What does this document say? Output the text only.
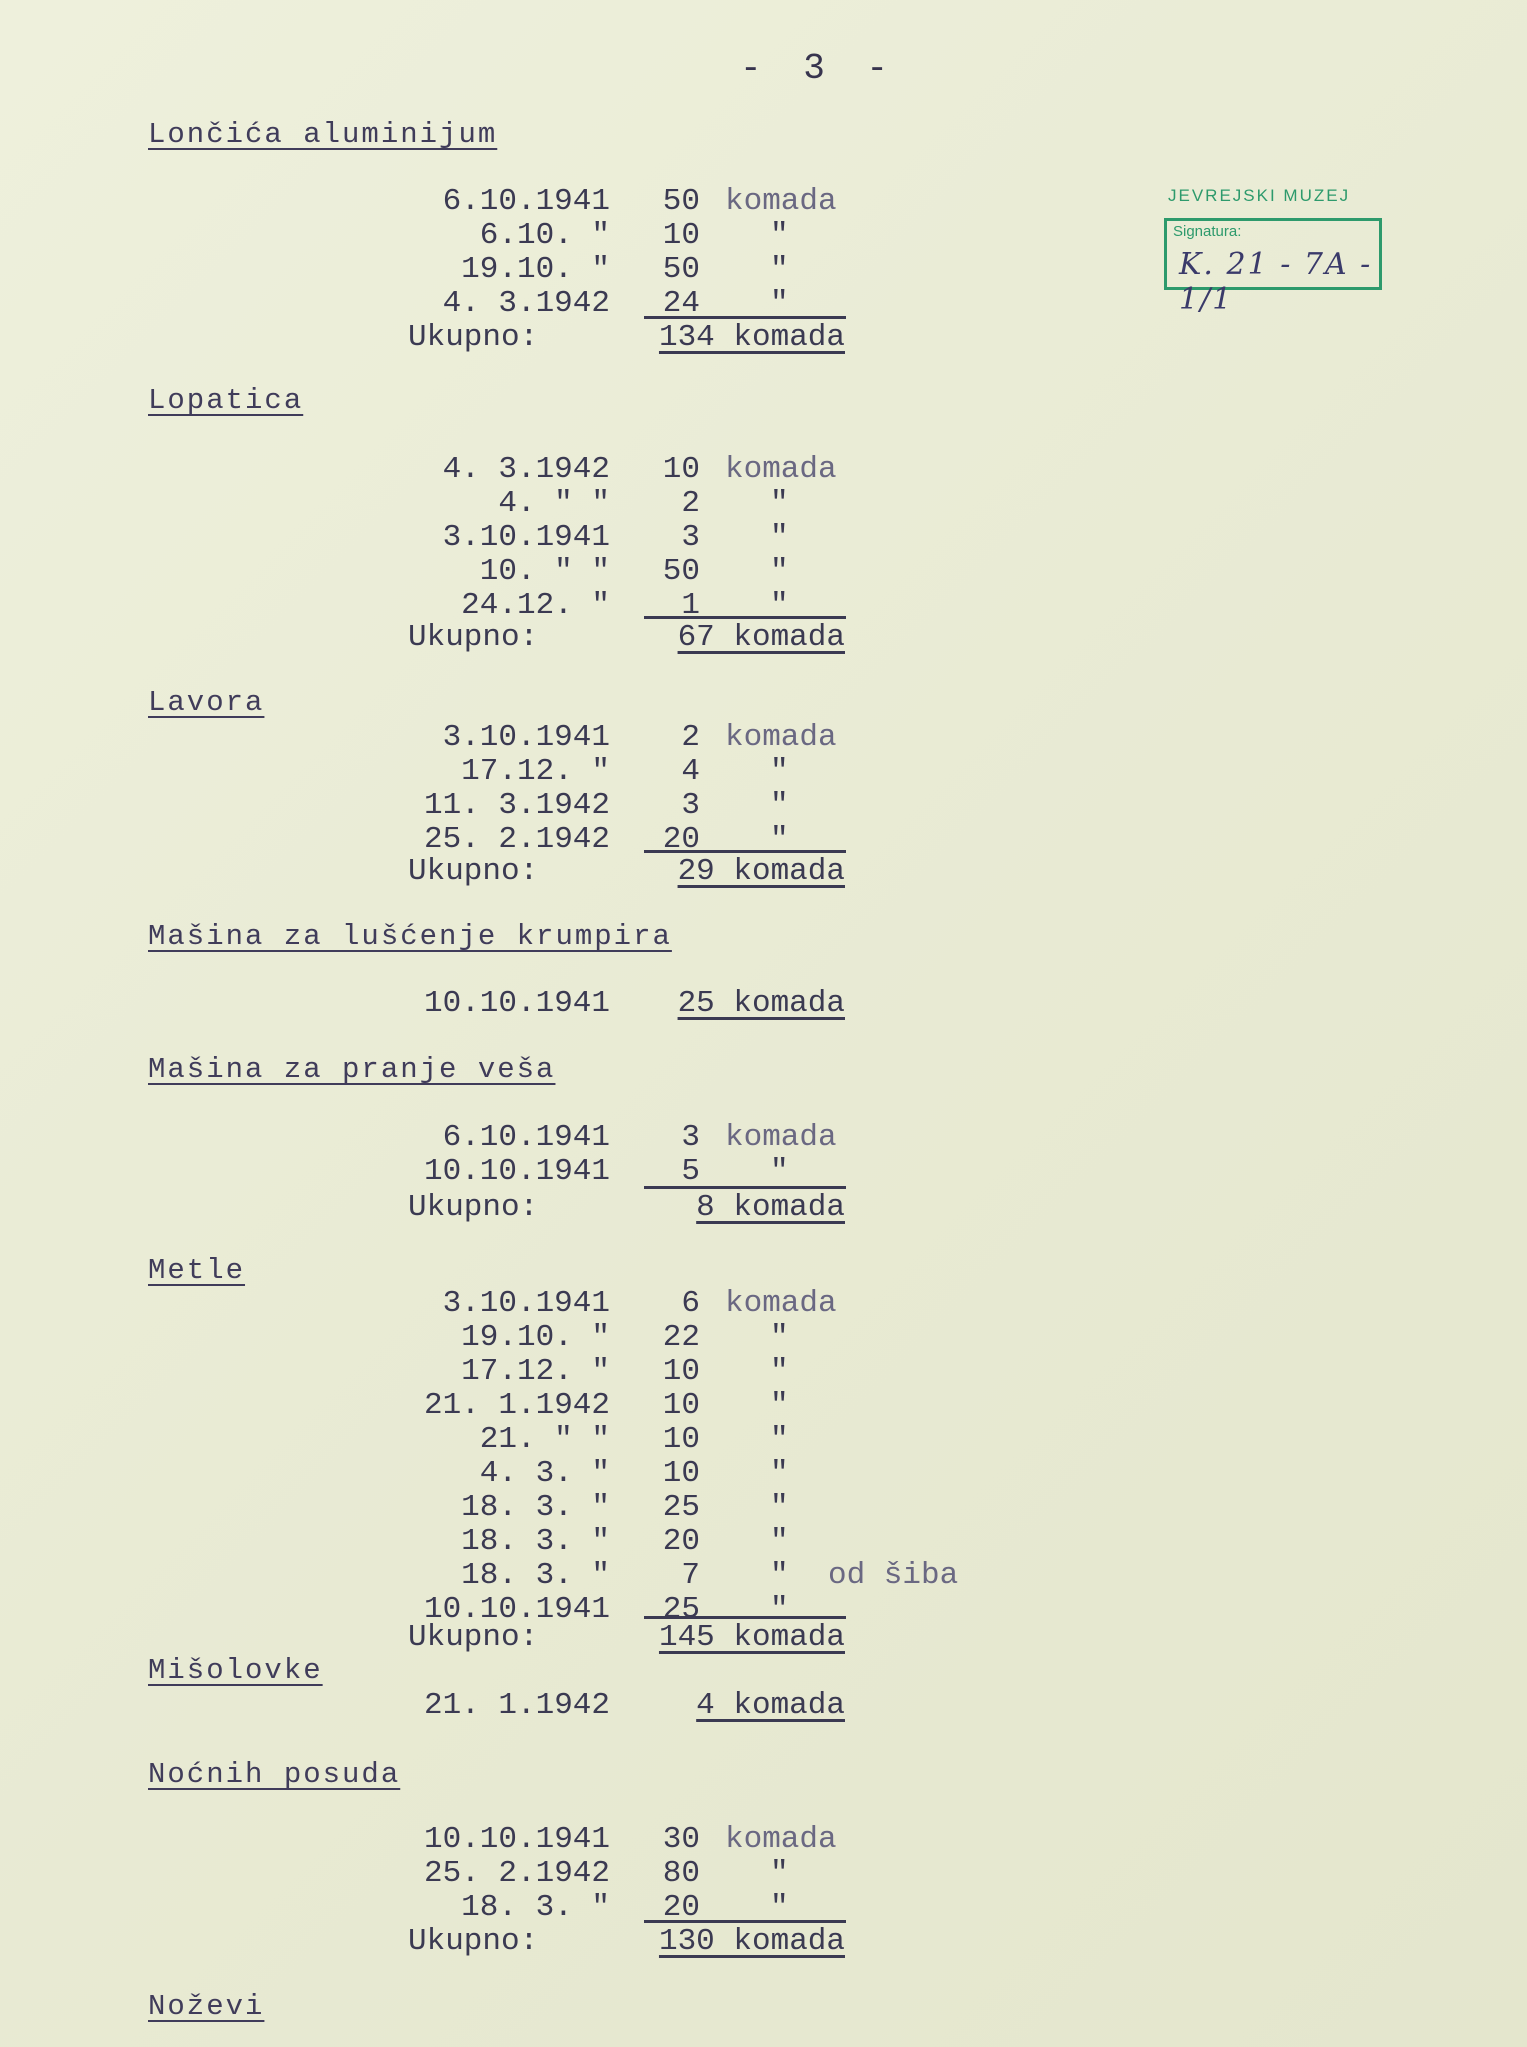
- 3 -
JEVREJSKI MUZEJ
Signatura:
K. 21 - 7A - 1/1
Lončića aluminijum
6.10.1941	50 komada
6.10. "	10 "
19.10. "	50 "
4. 3.1942	24 "
Ukupno:	134 komada
Lopatica
4. 3.1942	10 komada
4. " "	2 "
3.10.1941	3 "
10. " "	50 "
24.12. "	1 "
Ukupno:	67 komada
Lavora
3.10.1941	2 komada
17.12. "	4 "
11. 3.1942	3 "
25. 2.1942	20 "
Ukupno:	29 komada
Mašina za lušćenje krumpira
10.10.1941	25 komada
Mašina za pranje veša
6.10.1941	3 komada
10.10.1941	5 "
Ukupno:	8 komada
Metle
3.10.1941	6 komada
19.10. "	22 "
17.12. "	10 "
21. 1.1942	10 "
21. " "	10 "
4. 3. "	10 "
18. 3. "	25 "
18. 3. "	20 "
18. 3. "	7 " od šiba
10.10.1941	25 "
Ukupno:	145 komada
Mišolovke
21. 1.1942	4 komada
Noćnih posuda
10.10.1941	30 komada
25. 2.1942	80 "
18. 3. "	20 "
Ukupno:	130 komada
Noževi
